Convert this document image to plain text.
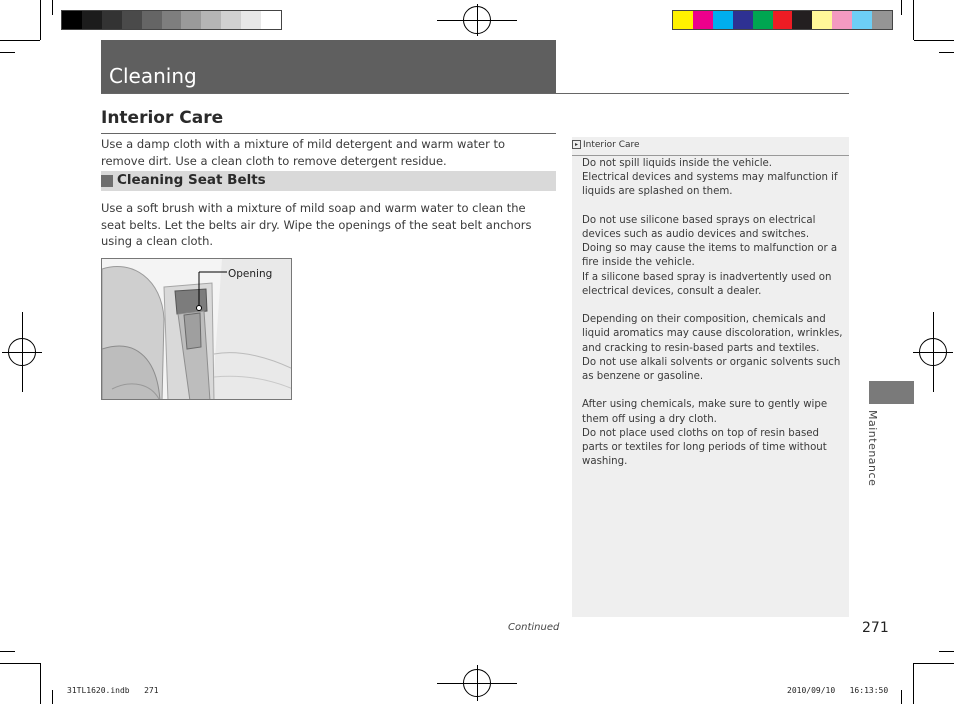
Cleaning
Interior Care
Use a damp cloth with a mixture of mild detergent and warm water to remove dirt. Use a clean cloth to remove detergent residue.
Cleaning Seat Belts
Use a soft brush with a mixture of mild soap and warm water to clean the seat belts. Let the belts air dry. Wipe the openings of the seat belt anchors using a clean cloth.
Opening
▸ Interior Care

Do not spill liquids inside the vehicle.
Electrical devices and systems may malfunction if liquids are splashed on them.

Do not use silicone based sprays on electrical devices such as audio devices and switches.
Doing so may cause the items to malfunction or a fire inside the vehicle.
If a silicone based spray is inadvertently used on electrical devices, consult a dealer.

Depending on their composition, chemicals and liquid aromatics may cause discoloration, wrinkles, and cracking to resin-based parts and textiles.
Do not use alkali solvents or organic solvents such as benzene or gasoline.

After using chemicals, make sure to gently wipe them off using a dry cloth.
Do not place used cloths on top of resin based parts or textiles for long periods of time without washing.	Maintenance
Continued	271
31TL1620.indb   271	2010/09/10   16:13:50
